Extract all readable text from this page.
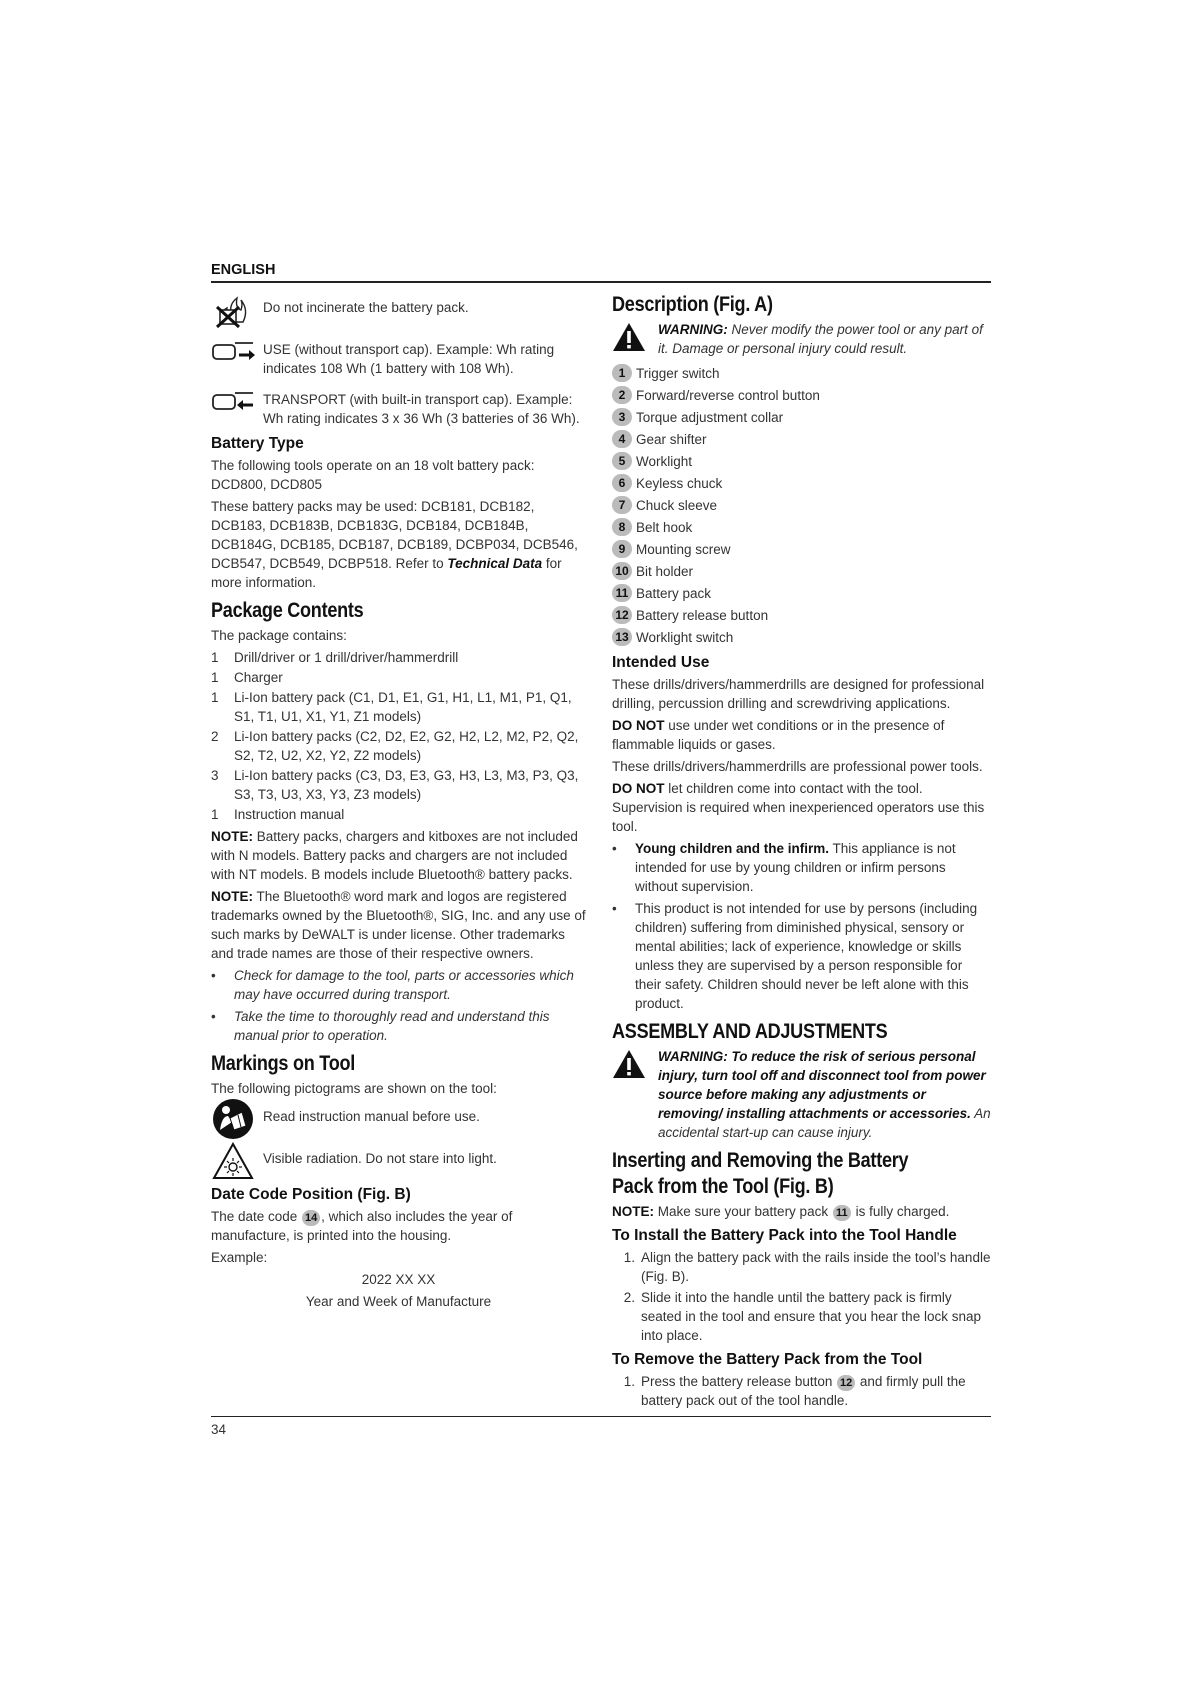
ENGLISH
Do not incinerate the battery pack.
USE (without transport cap). Example: Wh rating indicates 108 Wh (1 battery with 108 Wh).
TRANSPORT (with built-in transport cap). Example: Wh rating indicates 3 x 36 Wh (3 batteries of 36 Wh).
Battery Type

The following tools operate on an 18 volt battery pack: DCD800, DCD805

These battery packs may be used: DCB181, DCB182, DCB183, DCB183B, DCB183G, DCB184, DCB184B, DCB184G, DCB185, DCB187, DCB189, DCBP034, DCB546, DCB547, DCB549, DCBP518. Refer to Technical Data for more information.

Package Contents

The package contains:

1	Drill/driver or 1 drill/driver/hammerdrill
1	Charger
1	Li-Ion battery pack (C1, D1, E1, G1, H1, L1, M1, P1, Q1, S1, T1, U1, X1, Y1, Z1 models)
2	Li-Ion battery packs (C2, D2, E2, G2, H2, L2, M2, P2, Q2, S2, T2, U2, X2, Y2, Z2 models)
3	Li-Ion battery packs (C3, D3, E3, G3, H3, L3, M3, P3, Q3, S3, T3, U3, X3, Y3, Z3 models)
1	Instruction manual

NOTE: Battery packs, chargers and kitboxes are not included with N models. Battery packs and chargers are not included with NT models. B models include Bluetooth® battery packs.

NOTE: The Bluetooth® word mark and logos are registered trademarks owned by the Bluetooth®, SIG, Inc. and any use of such marks by DeWALT is under license. Other trademarks and trade names are those of their respective owners.

•	Check for damage to the tool, parts or accessories which may have occurred during transport.
•	Take the time to thoroughly read and understand this manual prior to operation.
Markings on Tool

The following pictograms are shown on the tool:

Read instruction manual before use.
Visible radiation. Do not stare into light.
Date Code Position (Fig. B)

The date code 14 , which also includes the year of manufacture, is printed into the housing.

Example:

2022 XX XX

Year and Week of Manufacture

Description (Fig. A)
WARNING: Never modify the power tool or any part of it. Damage or personal injury could result.
1 Trigger switch
2 Forward/reverse control button
3 Torque adjustment collar
4 Gear shifter
5 Worklight
6 Keyless chuck
7 Chuck sleeve
8 Belt hook
9 Mounting screw
10 Bit holder
11 Battery pack
12 Battery release button
13 Worklight switch
Intended Use

These drills/drivers/hammerdrills are designed for professional drilling, percussion drilling and screwdriving applications.

DO NOT use under wet conditions or in the presence of flammable liquids or gases.

These drills/drivers/hammerdrills are professional power tools.

DO NOT let children come into contact with the tool. Supervision is required when inexperienced operators use this tool.

•	Young children and the infirm. This appliance is not intended for use by young children or infirm persons without supervision.
•	This product is not intended for use by persons (including children) suffering from diminished physical, sensory or mental abilities; lack of experience, knowledge or skills unless they are supervised by a person responsible for their safety. Children should never be left alone with this product.
ASSEMBLY AND ADJUSTMENTS
WARNING: To reduce the risk of serious personal injury, turn tool off and disconnect tool from power source before making any adjustments or removing/ installing attachments or accessories. An accidental start-up can cause injury.
Inserting and Removing the Battery Pack from the Tool (Fig. B)

NOTE: Make sure your battery pack 11 is fully charged.

To Install the Battery Pack into the Tool Handle
1. Align the battery pack with the rails inside the tool’s handle (Fig. B).
2. Slide it into the handle until the battery pack is firmly seated in the tool and ensure that you hear the lock snap into place.
To Remove the Battery Pack from the Tool
1. Press the battery release button 12 and firmly pull the battery pack out of the tool handle.
34
